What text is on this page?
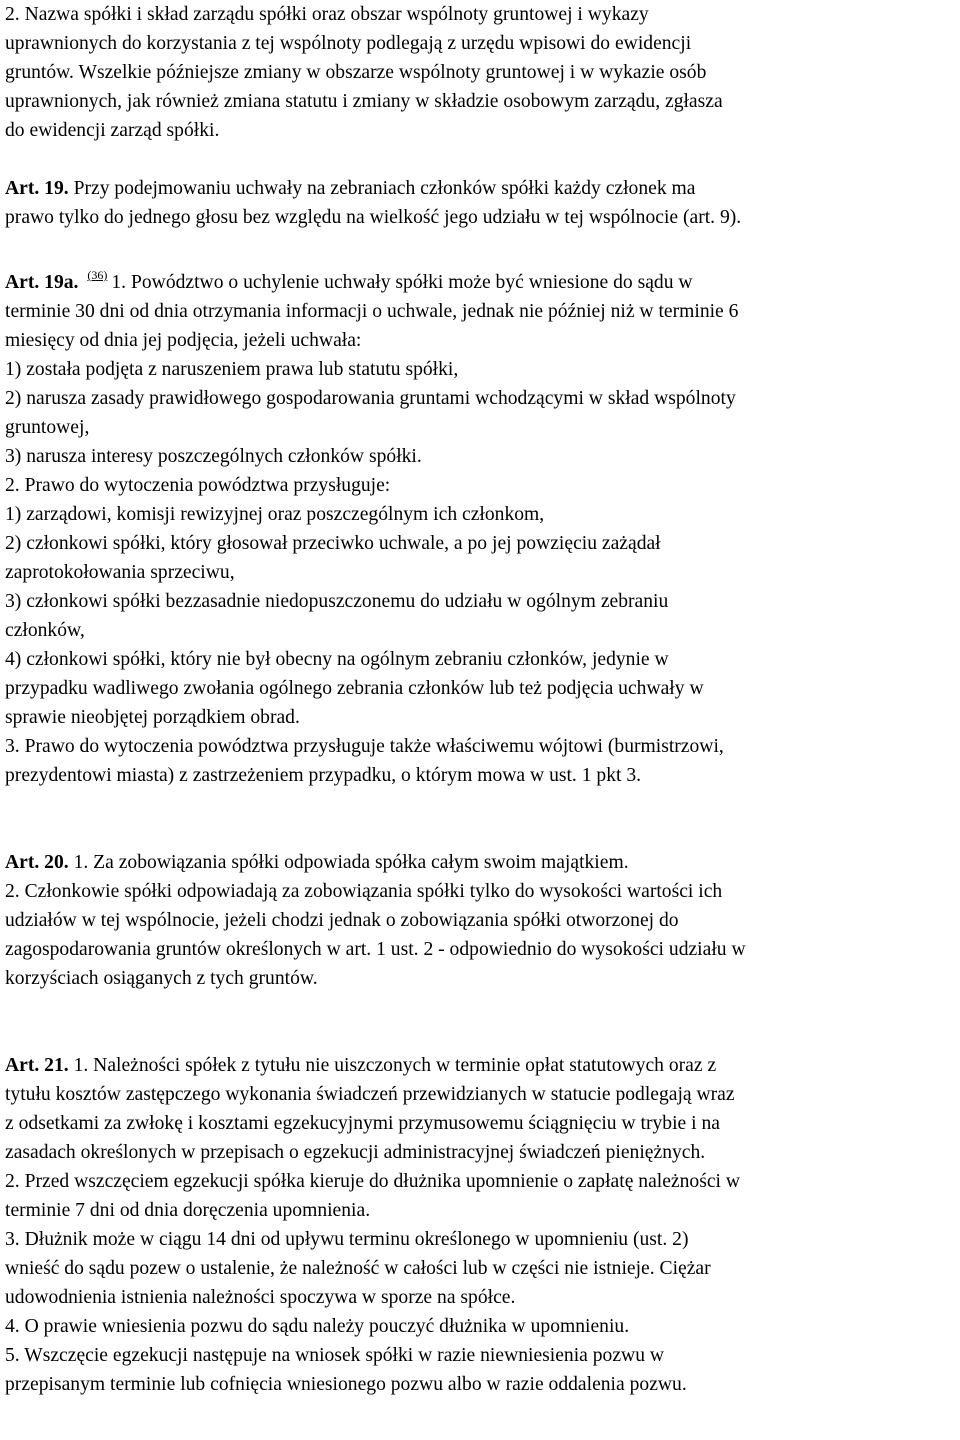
2. Nazwa spółki i skład zarządu spółki oraz obszar wspólnoty gruntowej i wykazy
uprawnionych do korzystania z tej wspólnoty podlegają z urzędu wpisowi do ewidencji
gruntów. Wszelkie późniejsze zmiany w obszarze wspólnoty gruntowej i w wykazie osób
uprawnionych, jak również zmiana statutu i zmiany w składzie osobowym zarządu, zgłasza
do ewidencji zarząd spółki.
Art. 19. Przy podejmowaniu uchwały na zebraniach członków spółki każdy członek ma
prawo tylko do jednego głosu bez względu na wielkość jego udziału w tej wspólnocie (art. 9).
Art. 19a. $^{(36)}$ 1. Powództwo o uchylenie uchwały spółki może być wniesione do sądu w
terminie 30 dni od dnia otrzymania informacji o uchwale, jednak nie później niż w terminie 6
miesięcy od dnia jej podjęcia, jeżeli uchwała:
1) została podjęta z naruszeniem prawa lub statutu spółki,
2) narusza zasady prawidłowego gospodarowania gruntami wchodzącymi w skład wspólnoty
gruntowej,
3) narusza interesy poszczególnych członków spółki.
2. Prawo do wytoczenia powództwa przysługuje:
1) zarządowi, komisji rewizyjnej oraz poszczególnym ich członkom,
2) członkowi spółki, który głosował przeciwko uchwale, a po jej powzięciu zażądał
zaprotokołowania sprzeciwu,
3) członkowi spółki bezzasadnie niedopuszczonemu do udziału w ogólnym zebraniu
członków,
4) członkowi spółki, który nie był obecny na ogólnym zebraniu członków, jedynie w
przypadku wadliwego zwołania ogólnego zebrania członków lub też podjęcia uchwały w
sprawie nieobjętej porządkiem obrad.
3. Prawo do wytoczenia powództwa przysługuje także właściwemu wójtowi (burmistrzowi,
prezydentowi miasta) z zastrzeżeniem przypadku, o którym mowa w ust. 1 pkt 3.
Art. 20. 1. Za zobowiązania spółki odpowiada spółka całym swoim majątkiem.
2. Członkowie spółki odpowiadają za zobowiązania spółki tylko do wysokości wartości ich
udziałów w tej wspólnocie, jeżeli chodzi jednak o zobowiązania spółki otworzonej do
zagospodarowania gruntów określonych w art. 1 ust. 2 - odpowiednio do wysokości udziału w
korzyściach osiąganych z tych gruntów.
Art. 21. 1. Należności spółek z tytułu nie uiszczonych w terminie opłat statutowych oraz z
tytułu kosztów zastępczego wykonania świadczeń przewidzianych w statucie podlegają wraz
z odsetkami za zwłokę i kosztami egzekucyjnymi przymusowemu ściągnięciu w trybie i na
zasadach określonych w przepisach o egzekucji administracyjnej świadczeń pieniężnych.
2. Przed wszczęciem egzekucji spółka kieruje do dłużnika upomnienie o zapłatę należności w
terminie 7 dni od dnia doręczenia upomnienia.
3. Dłużnik może w ciągu 14 dni od upływu terminu określonego w upomnieniu (ust. 2)
wnieść do sądu pozew o ustalenie, że należność w całości lub w części nie istnieje. Ciężar
udowodnienia istnienia należności spoczywa w sporze na spółce.
4. O prawie wniesienia pozwu do sądu należy pouczyć dłużnika w upomnieniu.
5. Wszczęcie egzekucji następuje na wniosek spółki w razie niewniesienia pozwu w
przepisanym terminie lub cofnięcia wniesionego pozwu albo w razie oddalenia pozwu.
